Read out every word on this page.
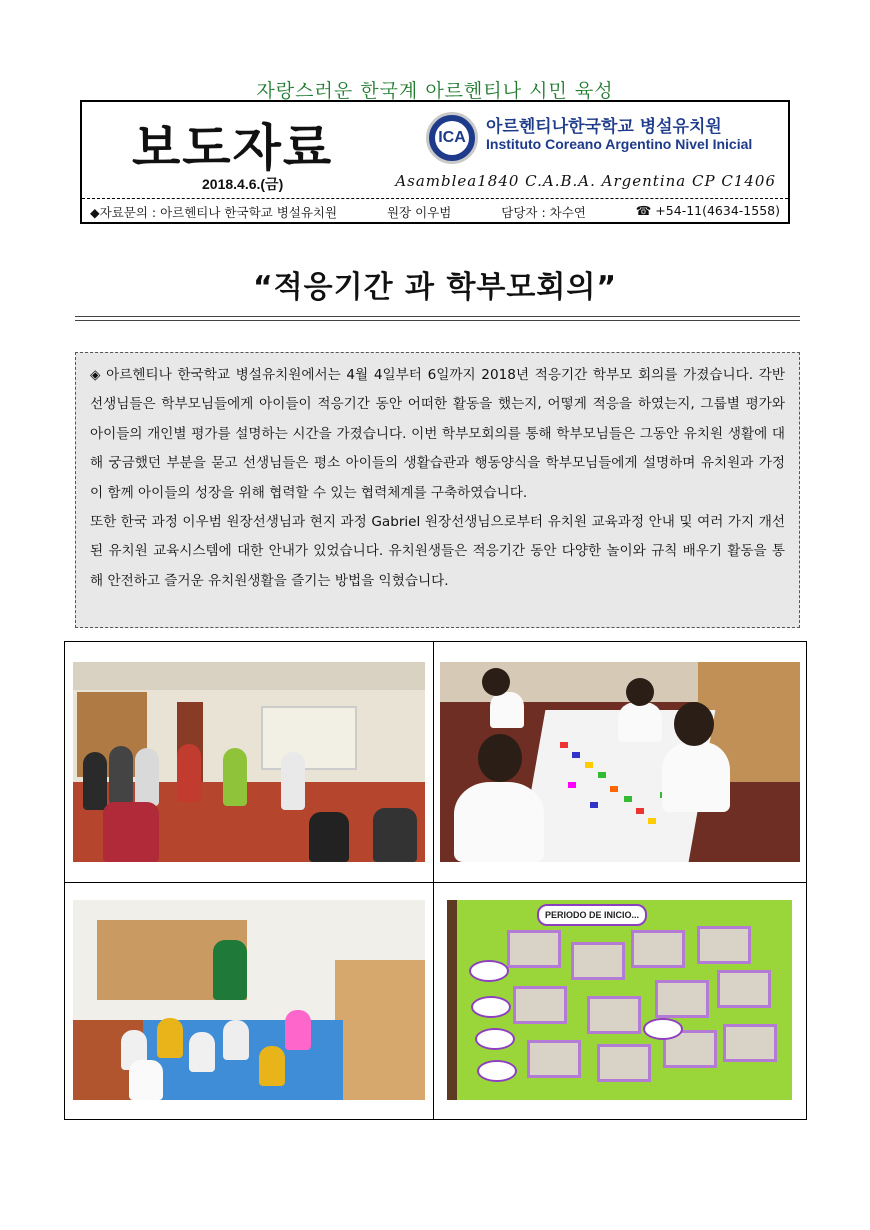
자랑스러운 한국계 아르헨티나 시민 육성
보도자료	ICA
아르헨티나한국학교 병설유치원
Instituto Coreano Argentino Nivel Inicial
2018.4.6.(금)	Asamblea1840 C.A.B.A. Argentina CP C1406
◆자료문의 : 아르헨티나 한국학교 병설유치원	원장 이우범	담당자 : 차수연	☎ +54-11(4634-1558)
“적응기간 과 학부모회의”

◈ 아르헨티나 한국학교 병설유치원에서는 4월 4일부터 6일까지 2018년 적응기간 학부모 회의를 가졌습니다. 각반 선생님들은 학부모님들에게 아이들이 적응기간 동안 어떠한 활동을 했는지, 어떻게 적응을 하였는지, 그룹별 평가와 아이들의 개인별 평가를 설명하는 시간을 가졌습니다. 이번 학부모회의를 통해 학부모님들은 그동안 유치원 생활에 대해 궁금했던 부분을 묻고 선생님들은 평소 아이들의 생활습관과 행동양식을 학부모님들에게 설명하며 유치원과 가정이 함께 아이들의 성장을 위해 협력할 수 있는 협력체계를 구축하였습니다.

또한 한국 과정 이우범 원장선생님과 현지 과정 Gabriel 원장선생님으로부터 유치원 교육과정 안내 및 여러 가지 개선된 유치원 교육시스템에 대한 안내가 있었습니다. 유치원생들은 적응기간 동안 다양한 놀이와 규칙 배우기 활동을 통해 안전하고 즐거운 유치원생활을 즐기는 방법을 익혔습니다.

PERIODO DE INICIO...
